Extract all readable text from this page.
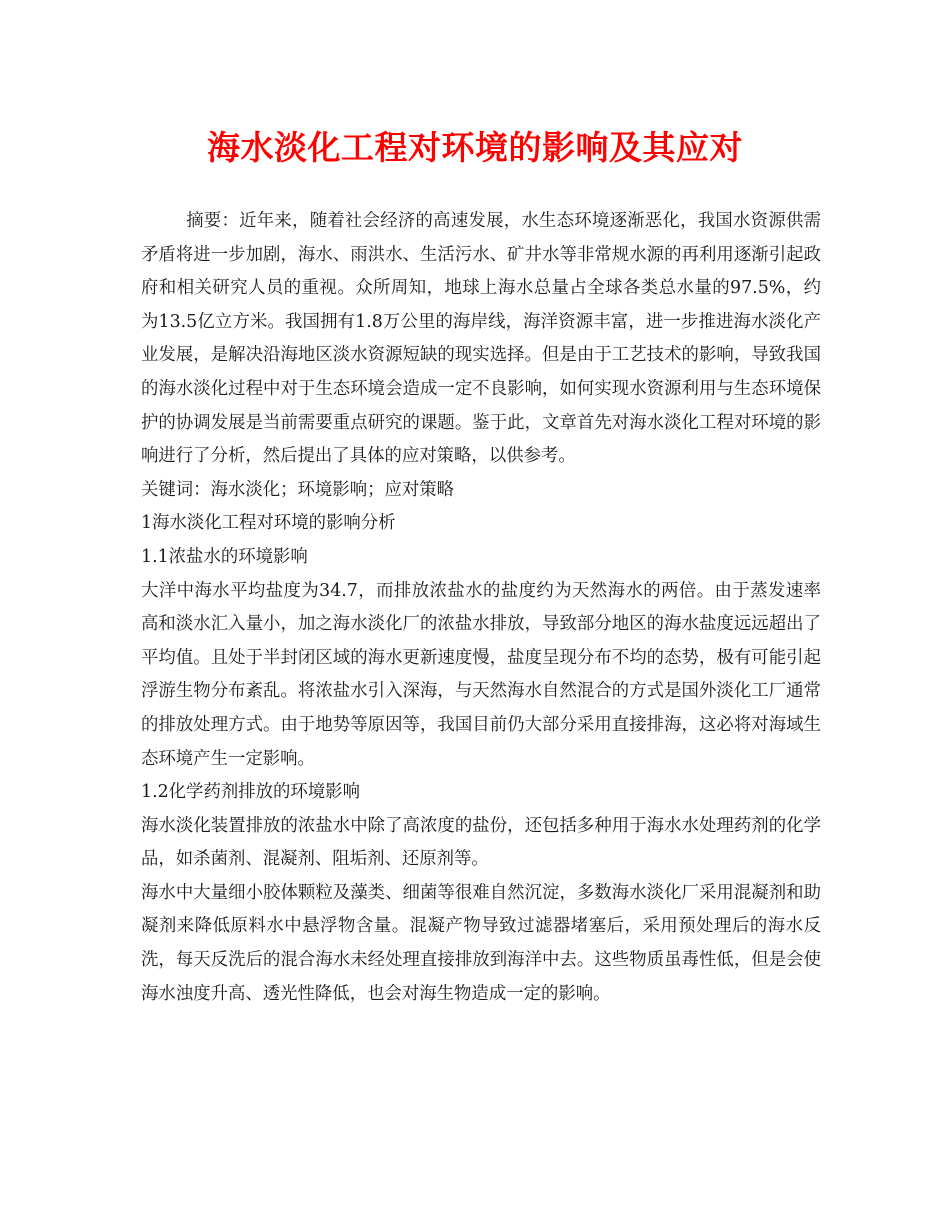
海水淡化工程对环境的影响及其应对

摘要：近年来，随着社会经济的高速发展，水生态环境逐渐恶化，我国水资源供需矛盾将进一步加剧，海水、雨洪水、生活污水、矿井水等非常规水源的再利用逐渐引起政府和相关研究人员的重视。众所周知，地球上海水总量占全球各类总水量的97.5%，约为13.5亿立方米。我国拥有1.8万公里的海岸线，海洋资源丰富，进一步推进海水淡化产业发展，是解决沿海地区淡水资源短缺的现实选择。但是由于工艺技术的影响，导致我国的海水淡化过程中对于生态环境会造成一定不良影响，如何实现水资源利用与生态环境保护的协调发展是当前需要重点研究的课题。鉴于此，文章首先对海水淡化工程对环境的影响进行了分析，然后提出了具体的应对策略，以供参考。

关键词：海水淡化；环境影响；应对策略

1海水淡化工程对环境的影响分析

1.1浓盐水的环境影响

大洋中海水平均盐度为34.7，而排放浓盐水的盐度约为天然海水的两倍。由于蒸发速率高和淡水汇入量小，加之海水淡化厂的浓盐水排放，导致部分地区的海水盐度远远超出了平均值。且处于半封闭区域的海水更新速度慢，盐度呈现分布不均的态势，极有可能引起浮游生物分布紊乱。将浓盐水引入深海，与天然海水自然混合的方式是国外淡化工厂通常的排放处理方式。由于地势等原因等，我国目前仍大部分采用直接排海，这必将对海域生态环境产生一定影响。

1.2化学药剂排放的环境影响

海水淡化装置排放的浓盐水中除了高浓度的盐份，还包括多种用于海水水处理药剂的化学品，如杀菌剂、混凝剂、阻垢剂、还原剂等。

海水中大量细小胶体颗粒及藻类、细菌等很难自然沉淀，多数海水淡化厂采用混凝剂和助凝剂来降低原料水中悬浮物含量。混凝产物导致过滤器堵塞后，采用预处理后的海水反洗，每天反洗后的混合海水未经处理直接排放到海洋中去。这些物质虽毒性低，但是会使海水浊度升高、透光性降低，也会对海生物造成一定的影响。
